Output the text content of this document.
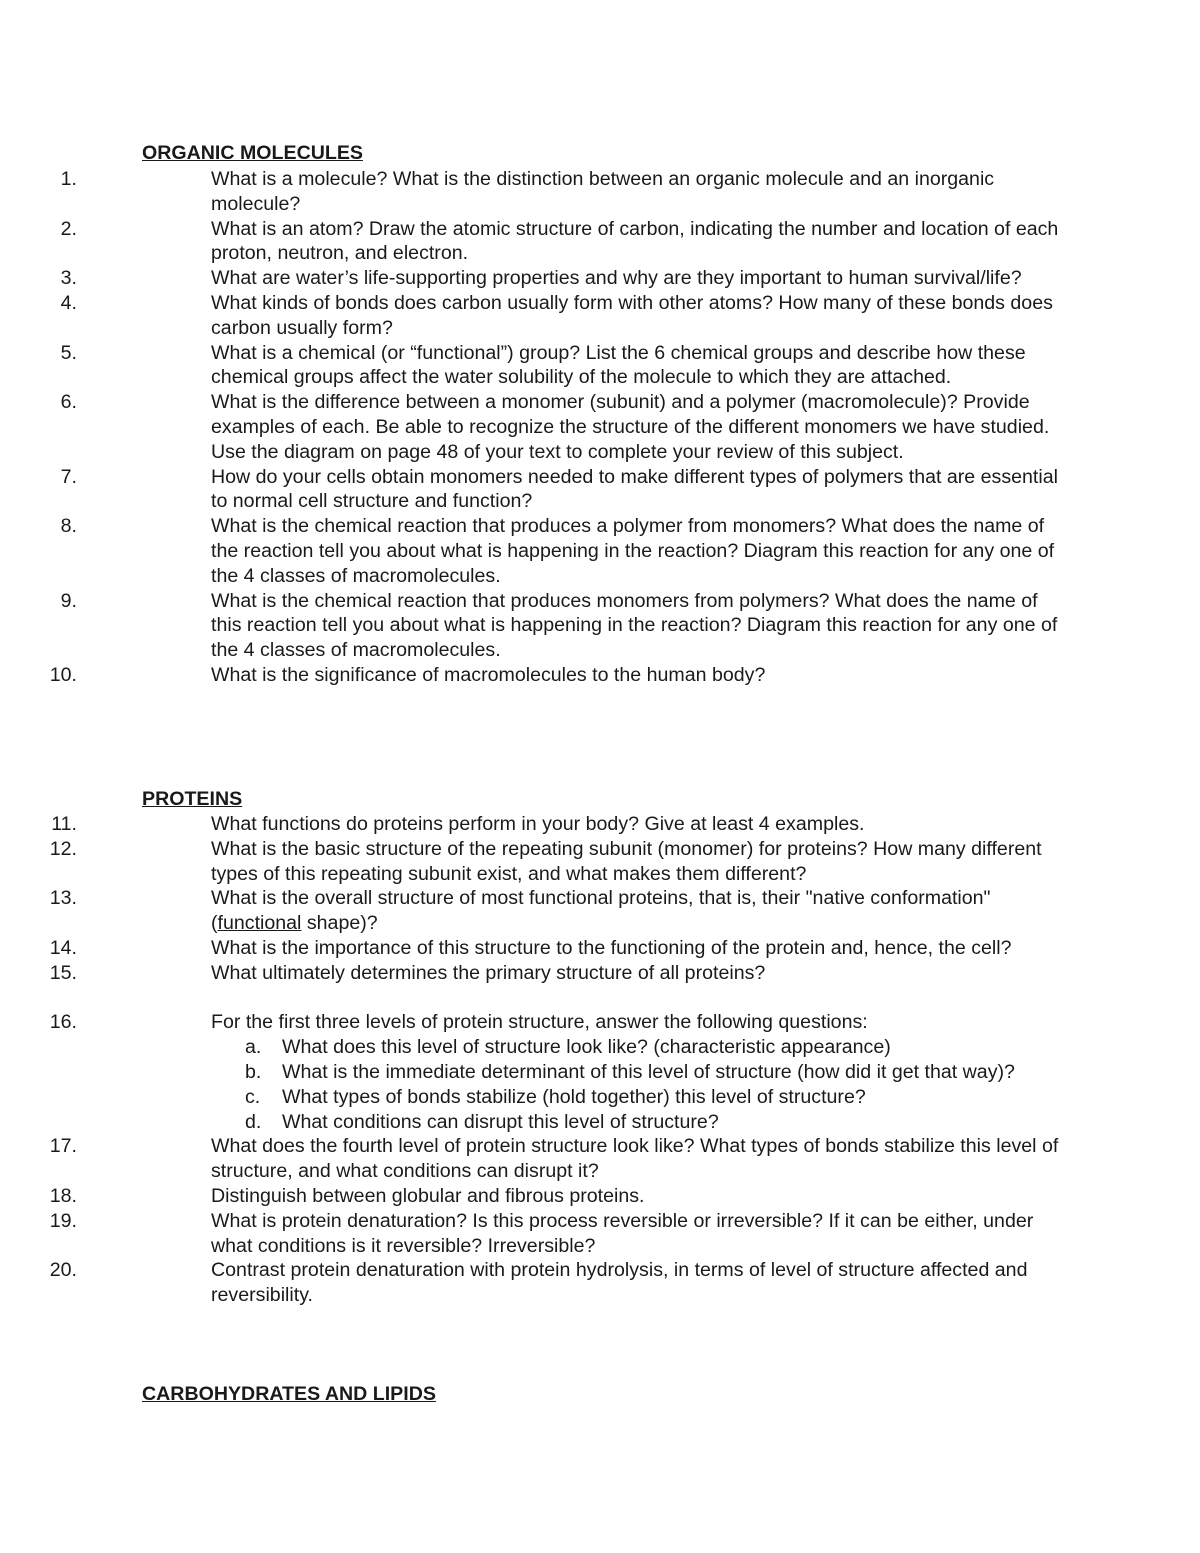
ORGANIC MOLECULES
1.	What is a molecule? What is the distinction between an organic molecule and an inorganic molecule?
2.	What is an atom? Draw the atomic structure of carbon, indicating the number and location of each proton, neutron, and electron.
3.	What are water’s life-supporting properties and why are they important to human survival/life?
4.	What kinds of bonds does carbon usually form with other atoms? How many of these bonds does carbon usually form?
5.	What is a chemical (or “functional”) group? List the 6 chemical groups and describe how these chemical groups affect the water solubility of the molecule to which they are attached.
6.	What is the difference between a monomer (subunit) and a polymer (macromolecule)? Provide examples of each. Be able to recognize the structure of the different monomers we have studied. Use the diagram on page 48 of your text to complete your review of this subject.
7.	How do your cells obtain monomers needed to make different types of polymers that are essential to normal cell structure and function?
8.	What is the chemical reaction that produces a polymer from monomers? What does the name of the reaction tell you about what is happening in the reaction? Diagram this reaction for any one of the 4 classes of macromolecules.
9.	What is the chemical reaction that produces monomers from polymers? What does the name of this reaction tell you about what is happening in the reaction? Diagram this reaction for any one of the 4 classes of macromolecules.
10.	What is the significance of macromolecules to the human body?
PROTEINS
11.	What functions do proteins perform in your body? Give at least 4 examples.
12.	What is the basic structure of the repeating subunit (monomer) for proteins? How many different types of this repeating subunit exist, and what makes them different?
13.	What is the overall structure of most functional proteins, that is, their "native conformation" (functional shape)?
14.	What is the importance of this structure to the functioning of the protein and, hence, the cell?
15.	What ultimately determines the primary structure of all proteins?
16.	For the first three levels of protein structure, answer the following questions:
a. What does this level of structure look like? (characteristic appearance)
b. What is the immediate determinant of this level of structure (how did it get that way)?
c. What types of bonds stabilize (hold together) this level of structure?
d. What conditions can disrupt this level of structure?
17.	What does the fourth level of protein structure look like? What types of bonds stabilize this level of structure, and what conditions can disrupt it?
18.	Distinguish between globular and fibrous proteins.
19.	What is protein denaturation? Is this process reversible or irreversible? If it can be either, under what conditions is it reversible? Irreversible?
20.	Contrast protein denaturation with protein hydrolysis, in terms of level of structure affected and reversibility.
CARBOHYDRATES AND LIPIDS
